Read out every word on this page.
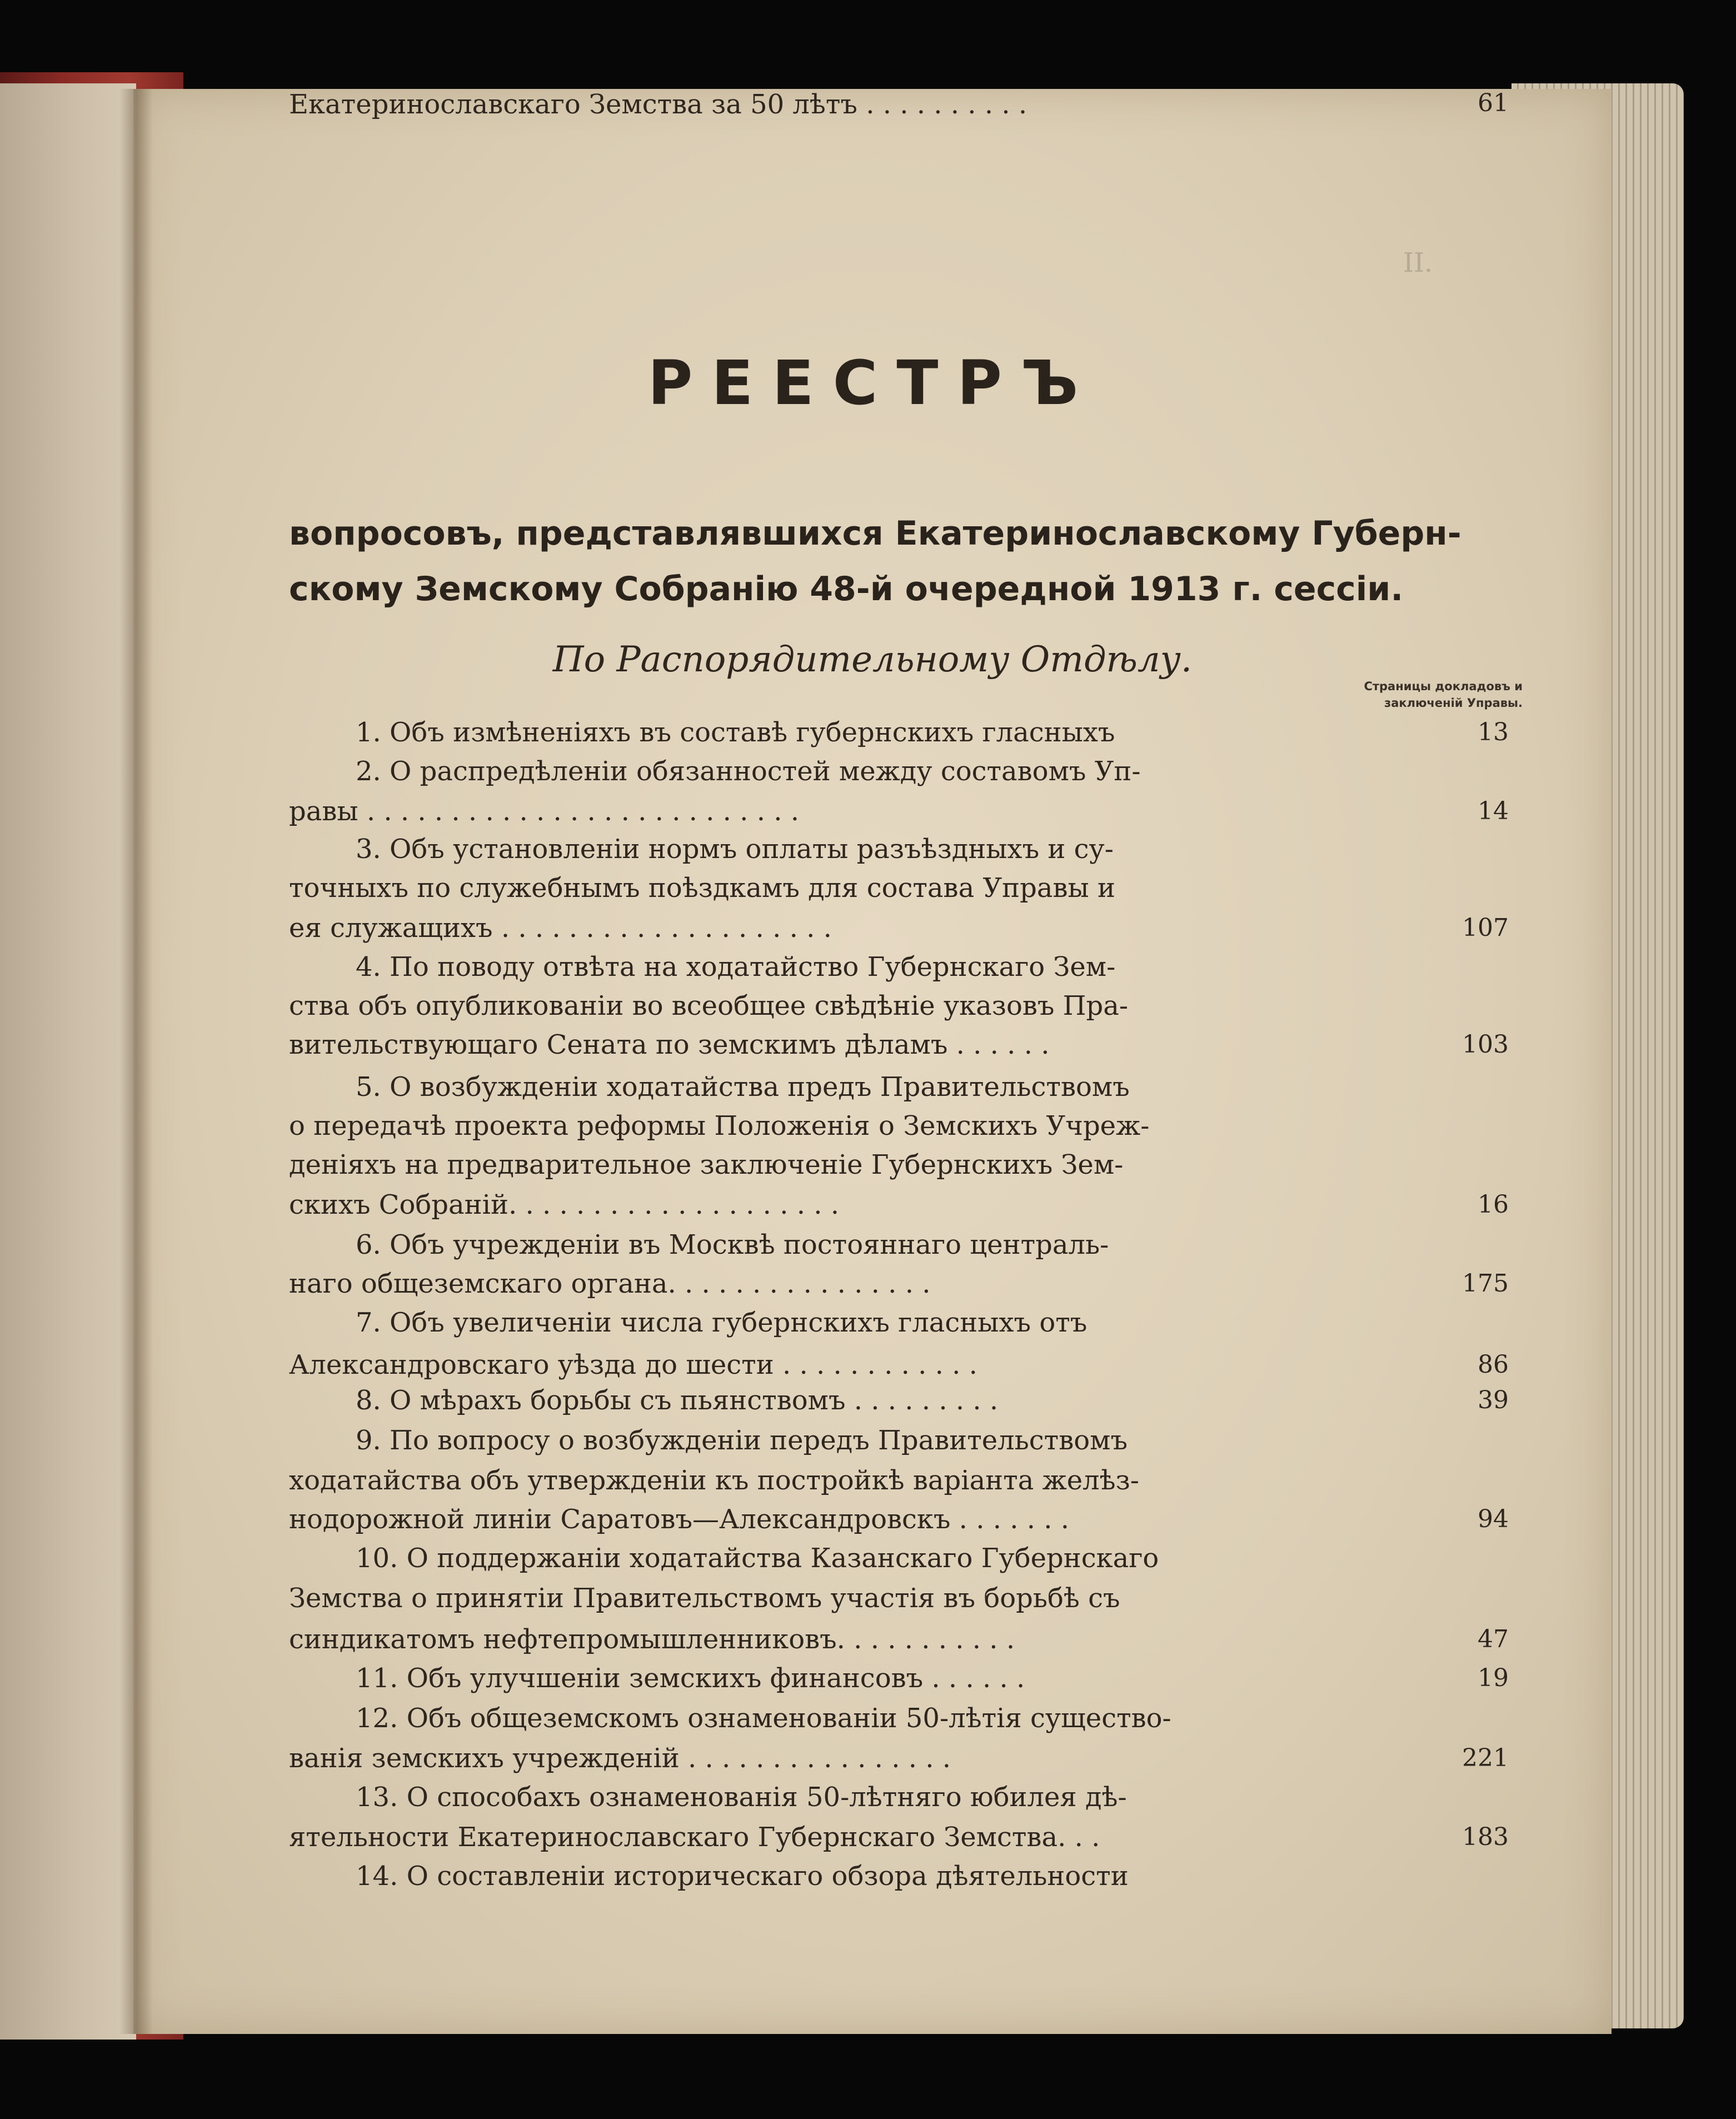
II.
РЕЕСТРЪ
вопросовъ, представлявшихся Екатеринославскому Губерн-
скому Земскому Собранію 48-й очередной 1913 г. сессіи.
По Распорядительному Отдѣлу.
Страницы докладовъ и
заключеній Управы.
1. Объ измѣненіяхъ въ составѣ губернскихъ гласныхъ	13
2. О распредѣленіи обязанностей между составомъ Уп-
равы . . . . . . . . . . . . . . . . . . . . . . . . . .	14
3. Объ установленіи нормъ оплаты разъѣздныхъ и су-
точныхъ по служебнымъ поѣздкамъ для состава Управы и
ея служащихъ . . . . . . . . . . . . . . . . . . . .	107
4. По поводу отвѣта на ходатайство Губернскаго Зем-
ства объ опубликованіи во всеобщее свѣдѣніе указовъ Пра-
вительствующаго Сената по земскимъ дѣламъ . . . . . .	103
5. О возбужденіи ходатайства предъ Правительствомъ
о передачѣ проекта реформы Положенія о Земскихъ Учреж-
деніяхъ на предварительное заключеніе Губернскихъ Зем-
скихъ Собраній. . . . . . . . . . . . . . . . . . . .	16
6. Объ учрежденіи въ Москвѣ постояннаго централь-
наго общеземскаго органа. . . . . . . . . . . . . . . .	175
7. Объ увеличеніи числа губернскихъ гласныхъ отъ
Александровскаго уѣзда до шести . . . . . . . . . . . .	86
8. О мѣрахъ борьбы съ пьянствомъ . . . . . . . . .	39
9. По вопросу о возбужденіи передъ Правительствомъ
ходатайства объ утвержденіи къ постройкѣ варіанта желѣз-
нодорожной линіи Саратовъ—Александровскъ . . . . . . .	94
10. О поддержаніи ходатайства Казанскаго Губернскаго
Земства о принятіи Правительствомъ участія въ борьбѣ съ
синдикатомъ нефтепромышленниковъ. . . . . . . . . . .	47
11. Объ улучшеніи земскихъ финансовъ . . . . . .	19
12. Объ общеземскомъ ознаменованіи 50-лѣтія существо-
ванія земскихъ учрежденій . . . . . . . . . . . . . . . .	221
13. О способахъ ознаменованія 50-лѣтняго юбилея дѣ-
ятельности Екатеринославскаго Губернскаго Земства. . .	183
14. О составленіи историческаго обзора дѣятельности
Екатеринославскаго Земства за 50 лѣтъ . . . . . . . . . .	61
